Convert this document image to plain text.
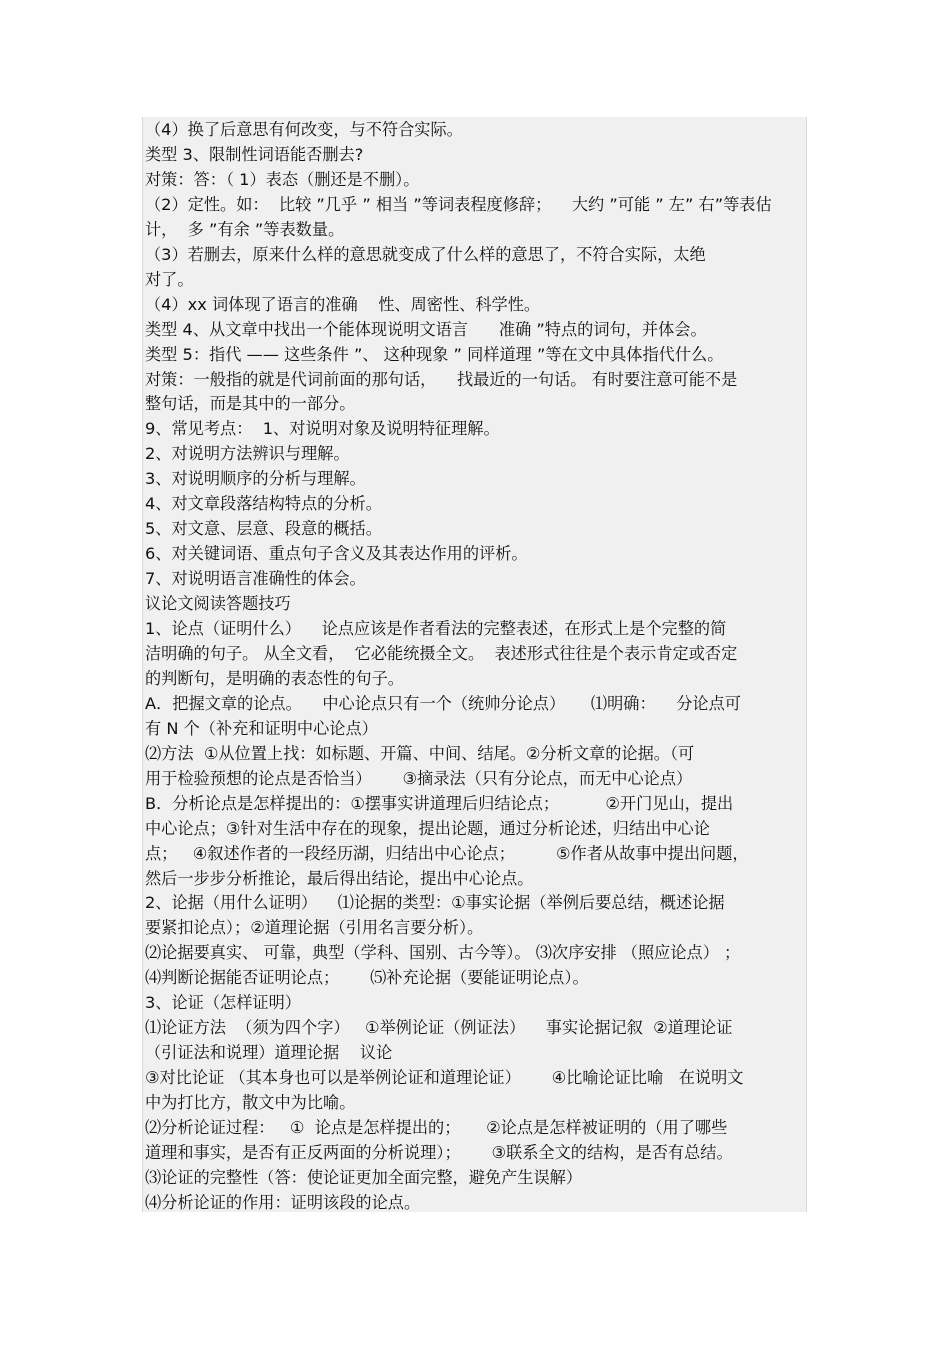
（4）换了后意思有何改变，与不符合实际。
类型 3、限制性词语能否删去?
对策：答：（ 1）表态（删还是不删）。
（2）定性。如：  比较 ”几乎 ” 相当 ”等词表程度修辞；    大约 ”可能 ” 左” 右”等表估
计，  多 ”有余 ”等表数量。
（3）若删去，原来什么样的意思就变成了什么样的意思了，不符合实际，太绝
对了。
（4）xx 词体现了语言的准确    性、周密性、科学性。
类型 4、从文章中找出一个能体现说明文语言      准确 ”特点的词句，并体会。
类型 5：指代 —— 这些条件 ”、 这种现象 ” 同样道理 ”等在文中具体指代什么。
对策：一般指的就是代词前面的那句话，    找最近的一句话。 有时要注意可能不是
整句话，而是其中的一部分。
9、常见考点：  1、对说明对象及说明特征理解。
2、对说明方法辨识与理解。
3、对说明顺序的分析与理解。
4、对文章段落结构特点的分析。
5、对文意、层意、段意的概括。
6、对关键词语、重点句子含义及其表达作用的评析。
7、对说明语言准确性的体会。
议论文阅读答题技巧
1、论点（证明什么）    论点应该是作者看法的完整表述，在形式上是个完整的简
洁明确的句子。 从全文看，  它必能统摄全文。  表述形式往往是个表示肯定或否定
的判断句，是明确的表态性的句子。
A．把握文章的论点。    中心论点只有一个（统帅分论点）     ⑴明确：    分论点可
有 N 个（补充和证明中心论点）
⑵方法  ①从位置上找：如标题、开篇、中间、结尾。②分析文章的论据。（可
用于检验预想的论点是否恰当）      ③摘录法（只有分论点，而无中心论点）
B．分析论点是怎样提出的：①摆事实讲道理后归结论点；         ②开门见山，提出
中心论点；③针对生活中存在的现象，提出论题，通过分析论述，归结出中心论
点；   ④叙述作者的一段经历湖，归结出中心论点；        ⑤作者从故事中提出问题，
然后一步步分析推论，最后得出结论，提出中心论点。
2、论据（用什么证明）    ⑴论据的类型：①事实论据（举例后要总结，概述论据
要紧扣论点）；②道理论据（引用名言要分析）。
⑵论据要真实、 可靠，典型（学科、国别、古今等）。 ⑶次序安排 （照应论点） ；
⑷判断论据能否证明论点；      ⑸补充论据（要能证明论点）。
3、论证（怎样证明）
⑴论证方法  （须为四个字）   ①举例论证（例证法）    事实论据记叙  ②道理论证
（引证法和说理）道理论据    议论
③对比论证 （其本身也可以是举例论证和道理论证）      ④比喻论证比喻   在说明文
中为打比方，散文中为比喻。
⑵分析论证过程：   ①  论点是怎样提出的；     ②论点是怎样被证明的（用了哪些
道理和事实，是否有正反两面的分析说理）；      ③联系全文的结构，是否有总结。
⑶论证的完整性（答：使论证更加全面完整，避免产生误解）
⑷分析论证的作用：证明该段的论点。
